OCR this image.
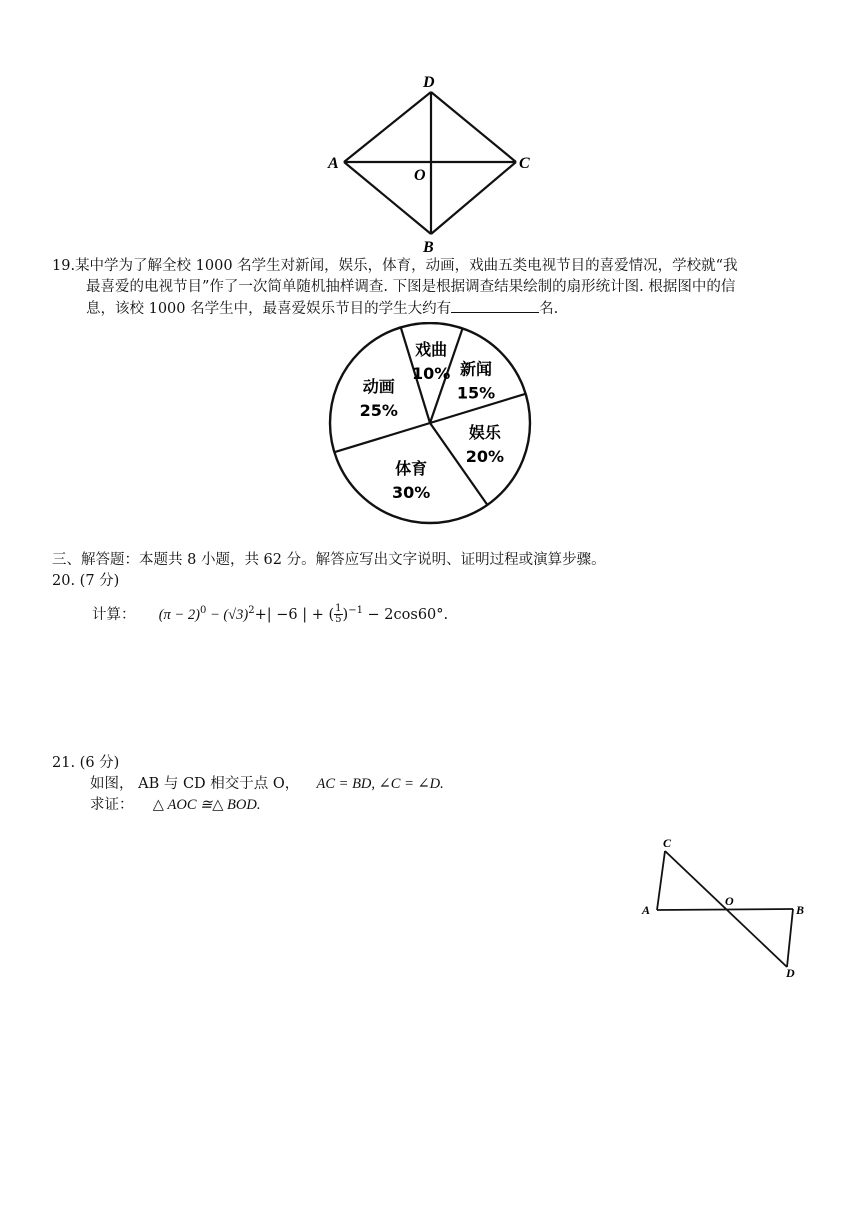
D
A
O
C
B
19.某中学为了解全校 1000 名学生对新闻，娱乐，体育，动画，戏曲五类电视节目的喜爱情况，学校就“我
最喜爱的电视节目”作了一次简单随机抽样调查. 下图是根据调查结果绘制的扇形统计图. 根据图中的信
息，该校 1000 名学生中，最喜爱娱乐节目的学生大约有	名.
新闻
15%
娱乐
20%
体育
30%
动画
25%
戏曲
10%
三、解答题：本题共 8 小题，共 62 分。解答应写出文字说明、证明过程或演算步骤。
20. (7 分)
计算： $(\pi - 2)^0 - (√3)^2+| -6$ | + ( $\frac{1}{5} )^{-1} - 2\cos 60^\circ$.
21. (6 分)
如图， AB 与 CD 相交于点 O， AC = BD, ∠C = ∠D.
求证： △ AOC ≅△ BOD.
C
A
O
B
D
